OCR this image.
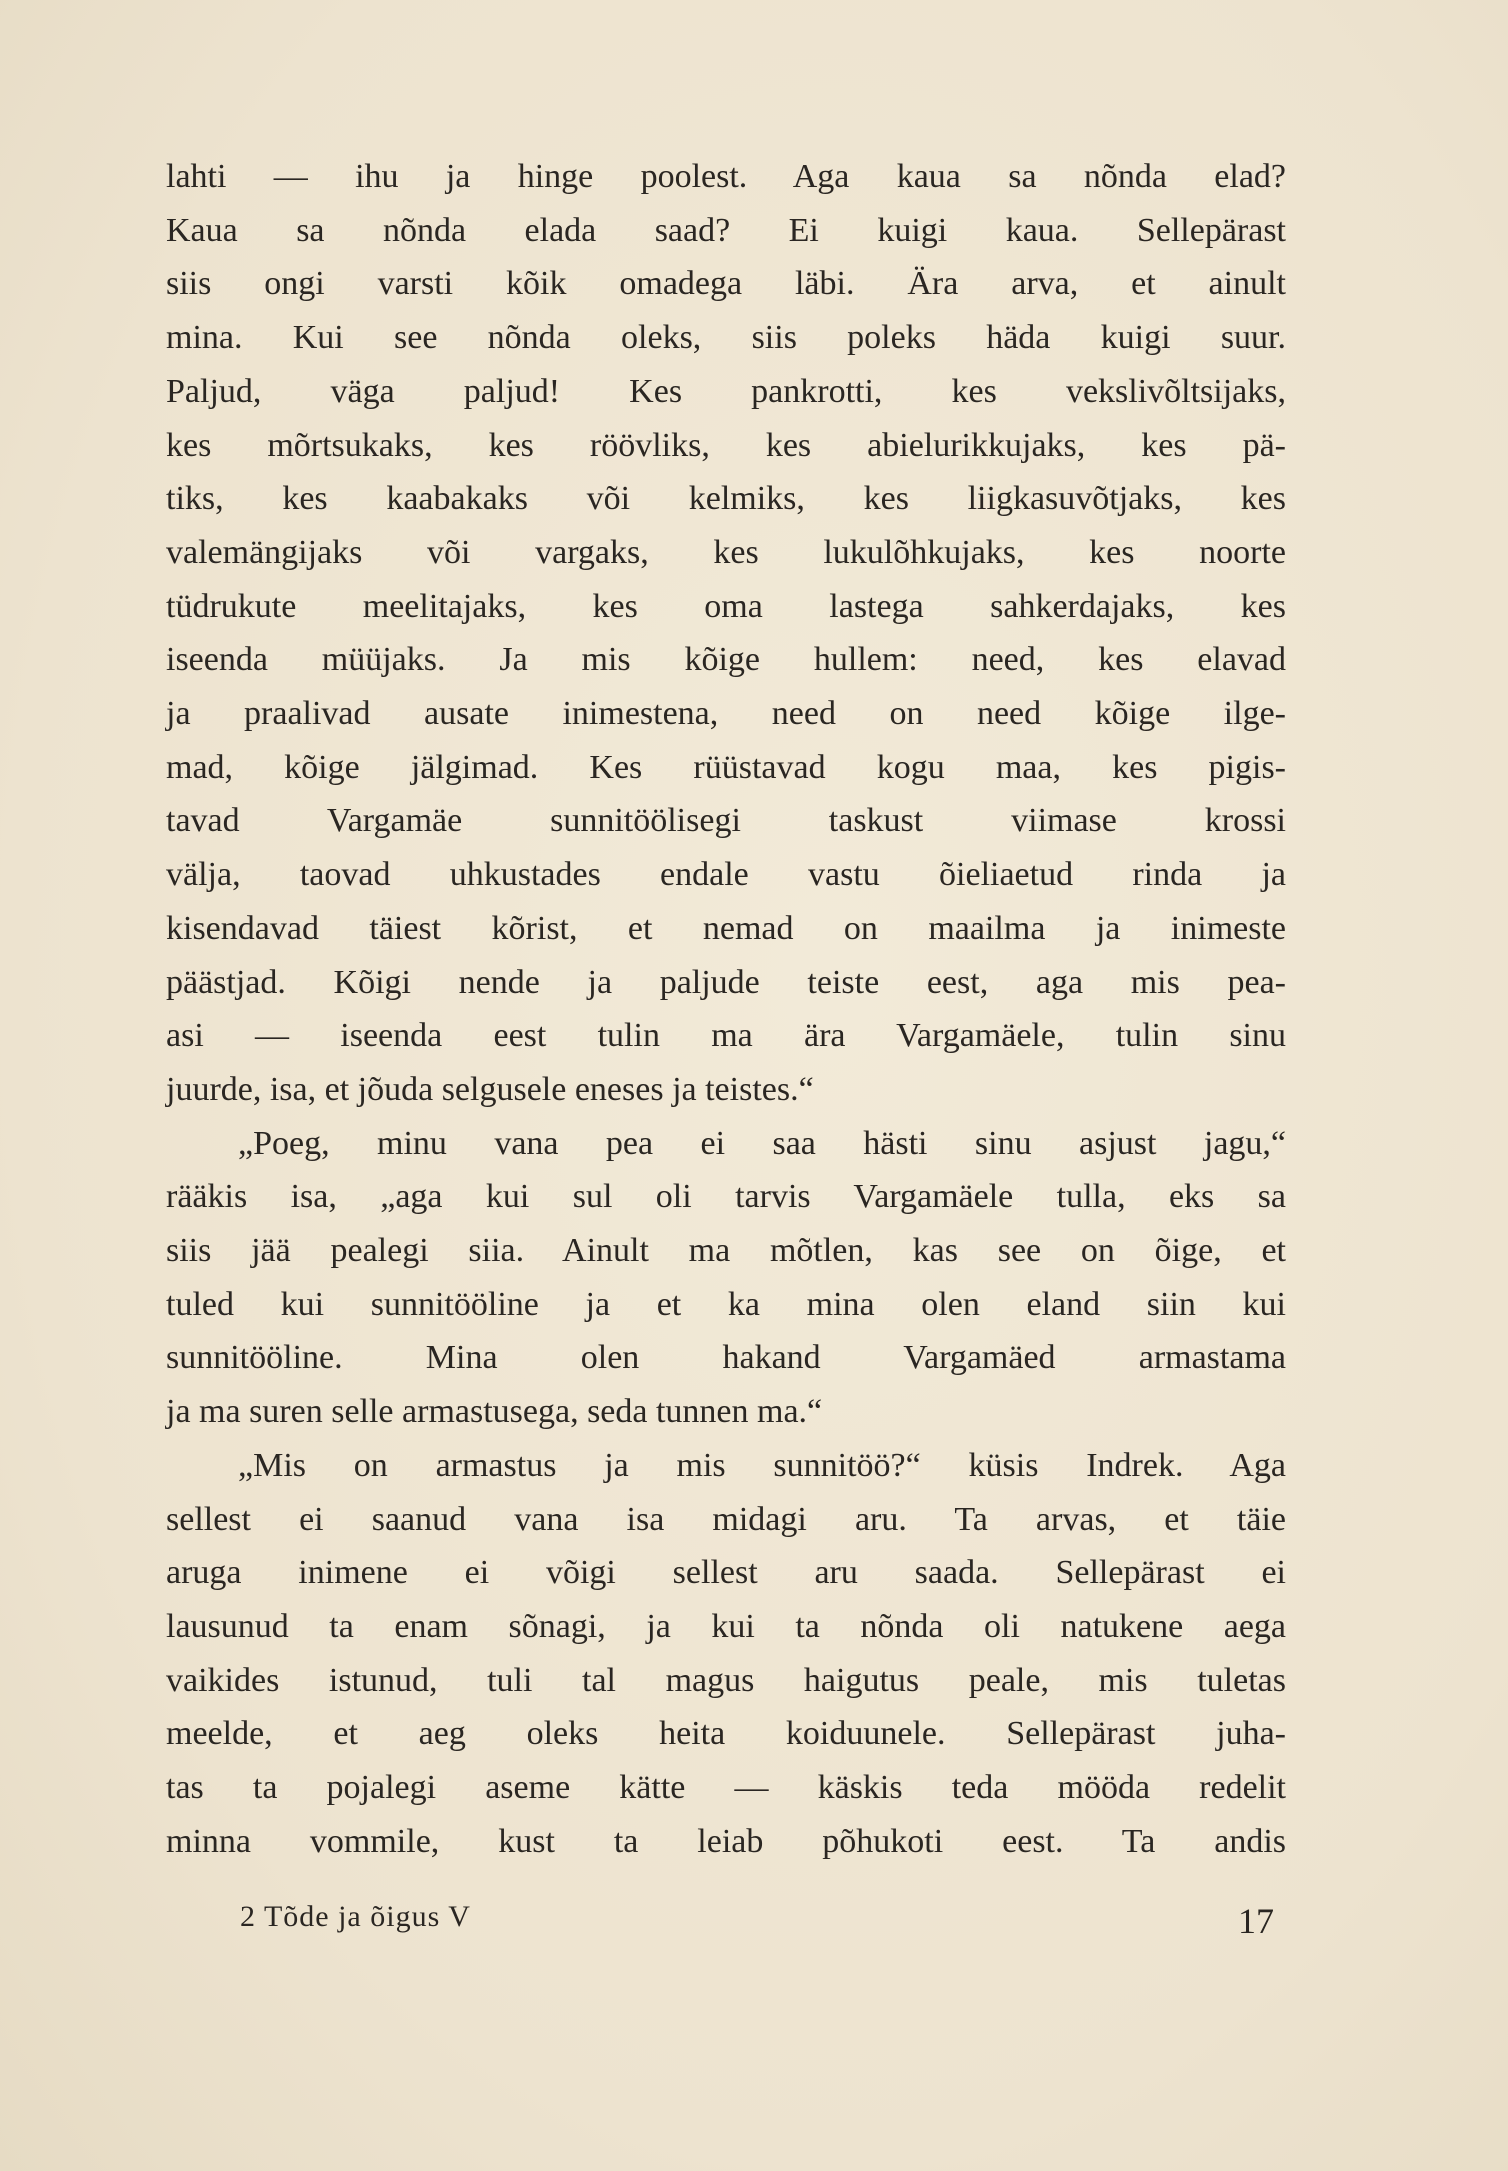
lahti — ihu ja hinge poolest. Aga kaua sa nõnda elad?
Kaua sa nõnda elada saad? Ei kuigi kaua. Sellepärast
siis ongi varsti kõik omadega läbi. Ära arva, et ainult
mina. Kui see nõnda oleks, siis poleks häda kuigi suur.
Paljud, väga paljud! Kes pankrotti, kes vekslivõltsijaks,
kes mõrtsukaks, kes röövliks, kes abielurikkujaks, kes pä-
tiks, kes kaabakaks või kelmiks, kes liigkasuvõtjaks, kes
valemängijaks või vargaks, kes lukulõhkujaks, kes noorte
tüdrukute meelitajaks, kes oma lastega sahkerdajaks, kes
iseenda müüjaks. Ja mis kõige hullem: need, kes elavad
ja praalivad ausate inimestena, need on need kõige ilge-
mad, kõige jälgimad. Kes rüüstavad kogu maa, kes pigis-
tavad Vargamäe sunnitöölisegi taskust viimase krossi
välja, taovad uhkustades endale vastu õieliaetud rinda ja
kisendavad täiest kõrist, et nemad on maailma ja inimeste
päästjad. Kõigi nende ja paljude teiste eest, aga mis pea-
asi — iseenda eest tulin ma ära Vargamäele, tulin sinu
juurde, isa, et jõuda selgusele eneses ja teistes.“
„Poeg, minu vana pea ei saa hästi sinu asjust jagu,“
rääkis isa, „aga kui sul oli tarvis Vargamäele tulla, eks sa
siis jää pealegi siia. Ainult ma mõtlen, kas see on õige, et
tuled kui sunnitööline ja et ka mina olen eland siin kui
sunnitööline. Mina olen hakand Vargamäed armastama
ja ma suren selle armastusega, seda tunnen ma.“
„Mis on armastus ja mis sunnitöö?“ küsis Indrek. Aga
sellest ei saanud vana isa midagi aru. Ta arvas, et täie
aruga inimene ei võigi sellest aru saada. Sellepärast ei
lausunud ta enam sõnagi, ja kui ta nõnda oli natukene aega
vaikides istunud, tuli tal magus haigutus peale, mis tuletas
meelde, et aeg oleks heita koiduunele. Sellepärast juha-
tas ta pojalegi aseme kätte — käskis teda mööda redelit
minna vommile, kust ta leiab põhukoti eest. Ta andis
2 Tõde ja õigus V	17
